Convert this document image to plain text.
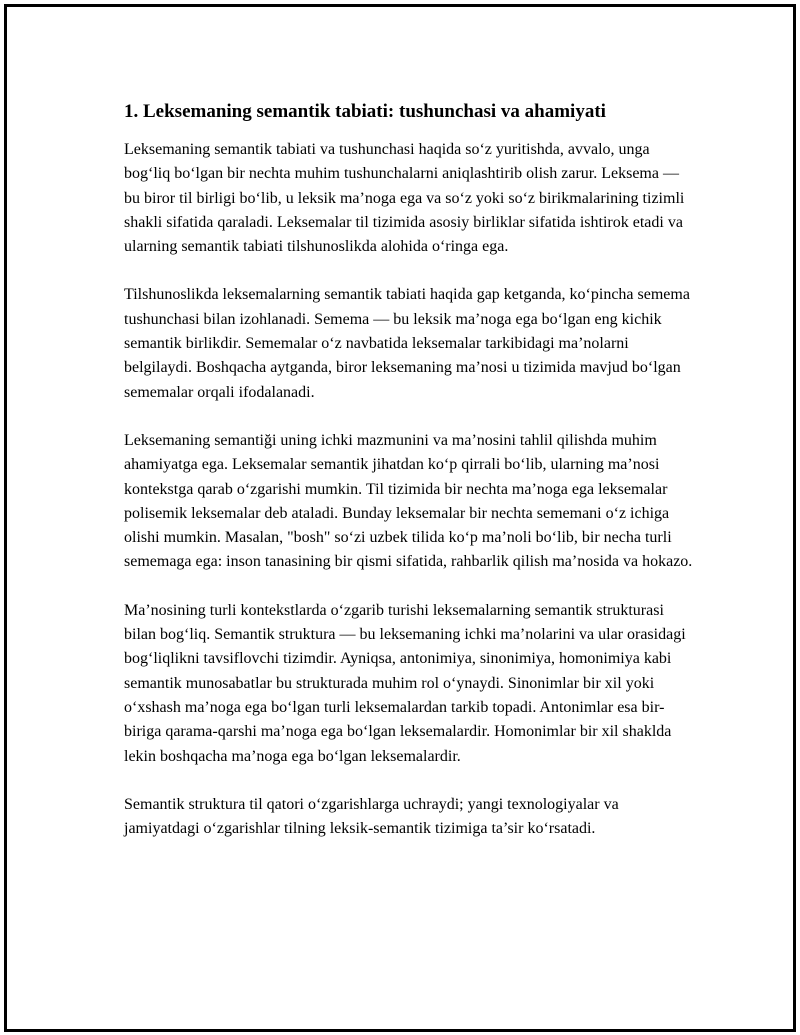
1. Leksemaning semantik tabiati: tushunchasi va ahamiyati

Leksemaning semantik tabiati va tushunchasi haqida so‘z yuritishda, avvalo, unga bog‘liq bo‘lgan bir nechta muhim tushunchalarni aniqlashtirib olish zarur. Leksema — bu biror til birligi bo‘lib, u leksik ma’noga ega va so‘z yoki so‘z birikmalarining tizimli shakli sifatida qaraladi. Leksemalar til tizimida asosiy birliklar sifatida ishtirok etadi va ularning semantik tabiati tilshunoslikda alohida o‘ringa ega.

Tilshunoslikda leksemalarning semantik tabiati haqida gap ketganda, ko‘pincha semema tushunchasi bilan izohlanadi. Semema — bu leksik ma’noga ega bo‘lgan eng kichik semantik birlikdir. Sememalar o‘z navbatida leksemalar tarkibidagi ma’nolarni belgilaydi. Boshqacha aytganda, biror leksemaning ma’nosi u tizimida mavjud bo‘lgan sememalar orqali ifodalanadi.

Leksemaning semantiği uning ichki mazmunini va ma’nosini tahlil qilishda muhim ahamiyatga ega. Leksemalar semantik jihatdan ko‘p qirrali bo‘lib, ularning ma’nosi kontekstga qarab o‘zgarishi mumkin. Til tizimida bir nechta ma’noga ega leksemalar polisemik leksemalar deb ataladi. Bunday leksemalar bir nechta sememani o‘z ichiga olishi mumkin. Masalan, "bosh" so‘zi uzbek tilida ko‘p ma’noli bo‘lib, bir necha turli sememaga ega: inson tanasining bir qismi sifatida, rahbarlik qilish ma’nosida va hokazo.

Ma’nosining turli kontekstlarda o‘zgarib turishi leksemalarning semantik strukturasi bilan bog‘liq. Semantik struktura — bu leksemaning ichki ma’nolarini va ular orasidagi bog‘liqlikni tavsiflovchi tizimdir. Ayniqsa, antonimiya, sinonimiya, homonimiya kabi semantik munosabatlar bu strukturada muhim rol o‘ynaydi. Sinonimlar bir xil yoki o‘xshash ma’noga ega bo‘lgan turli leksemalardan tarkib topadi. Antonimlar esa bir-biriga qarama-qarshi ma’noga ega bo‘lgan leksemalardir. Homonimlar bir xil shaklda lekin boshqacha ma’noga ega bo‘lgan leksemalardir.

Semantik struktura til qatori o‘zgarishlarga uchraydi; yangi texnologiyalar va jamiyatdagi o‘zgarishlar tilning leksik-semantik tizimiga ta’sir ko‘rsatadi.
